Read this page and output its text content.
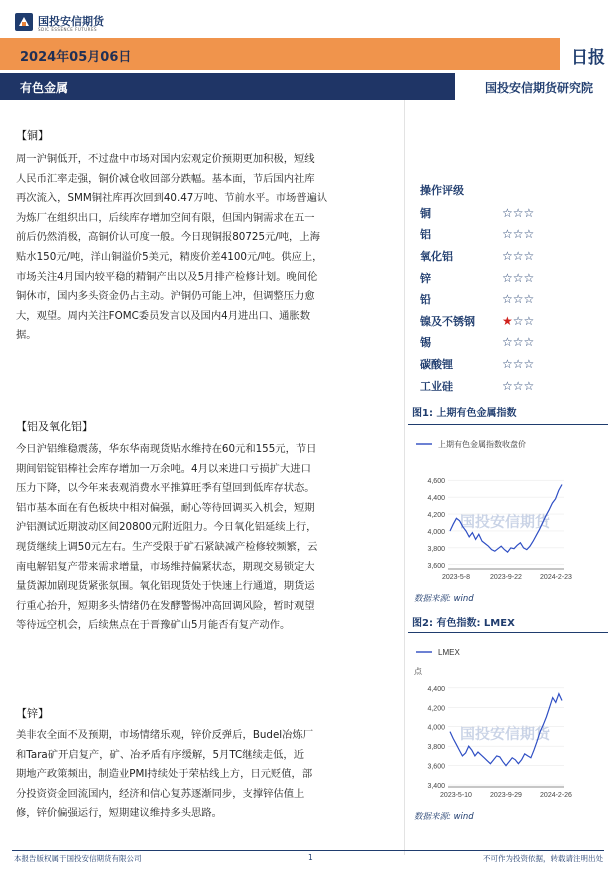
国投安信期货
SDIC ESSENCE FUTURES
2024年05月06日	日报
有色金属	国投安信期货研究院
【铜】
周一沪铜低开，不过盘中市场对国内宏观定价预期更加积极，短线
人民币汇率走强，铜价减仓收回部分跌幅。基本面，节后国内社库
再次流入，SMM铜社库再次回到40.47万吨、节前水平。市场普遍认
为炼厂在组织出口，后续库存增加空间有限，但国内铜需求在五一
前后仍然消极，高铜价认可度一般。今日现铜报80725元/吨，上海
贴水150元/吨，洋山铜溢价5美元，精废价差4100元/吨。供应上，
市场关注4月国内较平稳的精铜产出以及5月排产检修计划。晚间伦
铜休市，国内多头资金仍占主动。沪铜仍可能上冲，但调整压力愈
大，观望。周内关注FOMC委员发言以及国内4月进出口、通胀数
据。
【铝及氧化铝】
今日沪铝维稳震荡，华东华南现货贴水维持在60元和155元，节日
期间铝锭铝棒社会库存增加一万余吨。4月以来进口亏损扩大进口
压力下降，以今年来表观消费水平推算旺季有望回到低库存状态。
铝市基本面在有色板块中相对偏强，耐心等待回调买入机会，短期
沪铝测试近期波动区间20800元附近阻力。今日氧化铝延续上行，
现货继续上调50元左右。生产受限于矿石紧缺减产检修较频繁，云
南电解铝复产带来需求增量，市场维持偏紧状态，期现交易锁定大
量货源加剧现货紧张氛围。氧化铝现货处于快速上行通道，期货运
行重心抬升，短期多头情绪仍在发酵警惕冲高回调风险，暂时观望
等待远空机会，后续焦点在于晋豫矿山5月能否有复产动作。
【锌】
美非农全面不及预期，市场情绪乐观，锌价反弹后，Budel冶炼厂
和Tara矿开启复产，矿、冶矛盾有序缓解，5月TC继续走低，近
期地产政策频出，制造业PMI持续处于荣枯线上方，日元贬值，部
分投资资金回流国内，经济和信心复苏逐渐同步，支撑锌估值上
修，锌价偏强运行，短期建议维持多头思路。
操作评级
铜	☆☆☆
铝	☆☆☆
氧化铝	☆☆☆
锌	☆☆☆
铅	☆☆☆
镍及不锈钢	★☆☆
锡	☆☆☆
碳酸锂	☆☆☆
工业硅	☆☆☆
图1: 上期有色金属指数
上期有色金属指数收盘价
国投安信期货
3,600
3,800
4,000
4,200
4,400
4,600
2023-5-8	2023-9-22	2024-2-23
数据来源: wind
图2: 有色指数: LMEX
LMEX
点
国投安信期货
3,400
3,600
3,800
4,000
4,200
4,400
2023-5-10	2023-9-29	2024-2-26
数据来源: wind
本报告版权属于国投安信期货有限公司	1	不可作为投资依据，转载请注明出处
